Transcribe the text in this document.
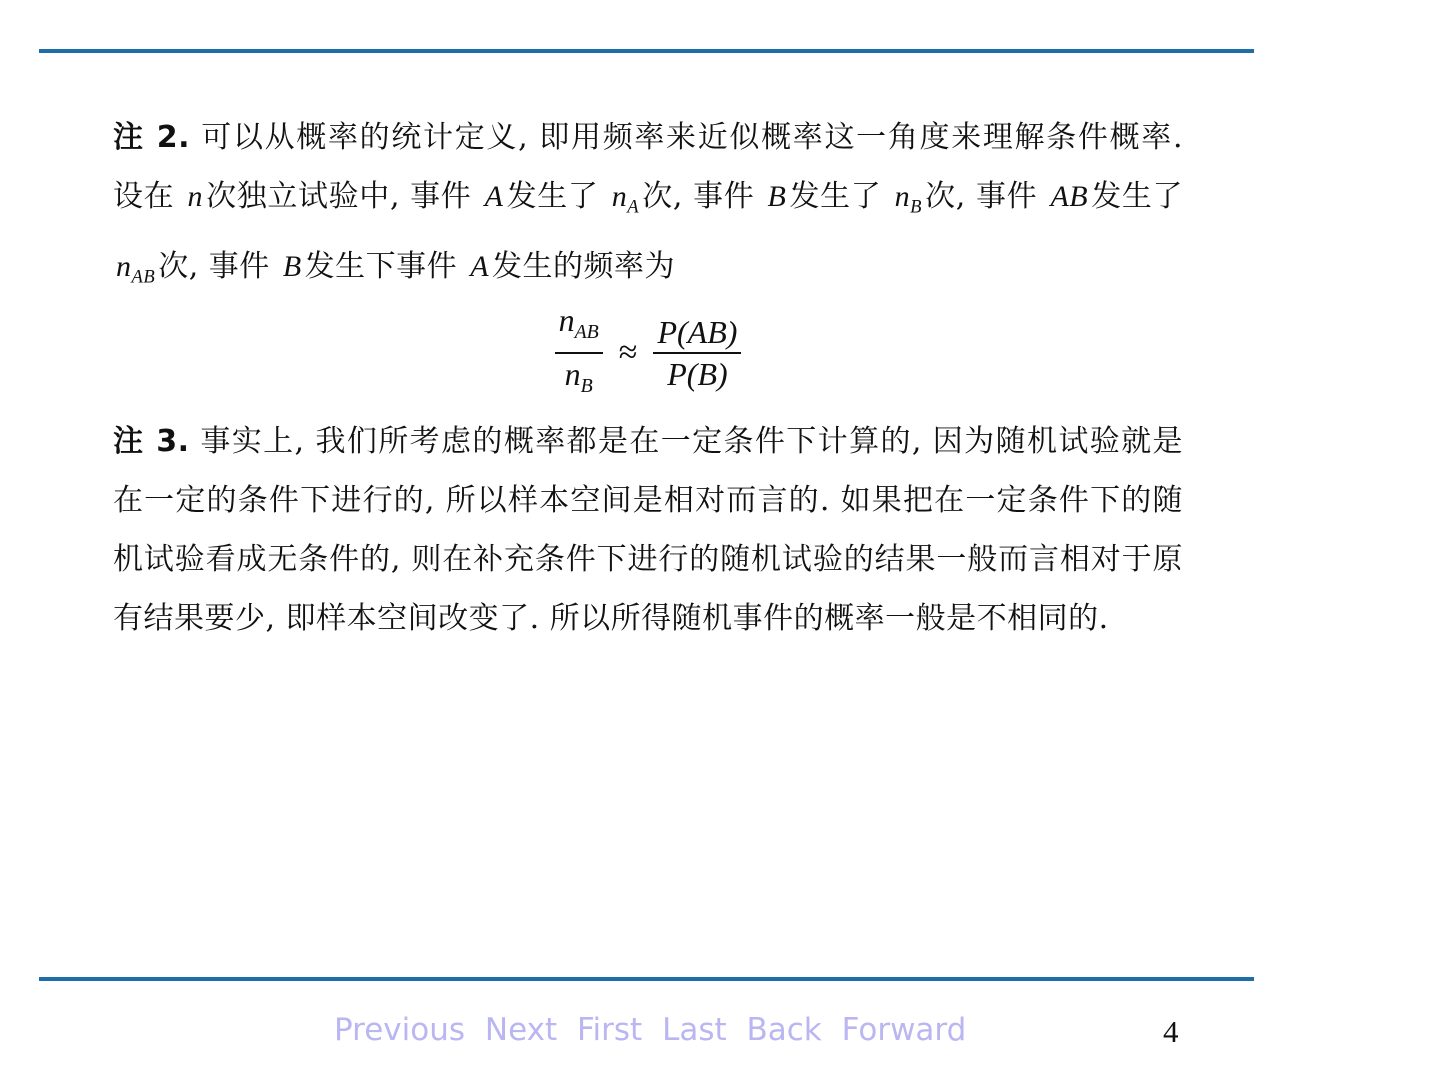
注 2. 可以从概率的统计定义, 即用频率来近似概率这一角度来理解条件概率. 设在 n 次独立试验中, 事件 A 发生了 $n_A$ 次, 事件 B 发生了 $n_B$ 次, 事件 AB 发生了 $n_{AB}$ 次, 事件 B 发生下事件 A 发生的频率为

$\frac{n_{AB}}{n_B} \approx \frac{P(AB)}{P(B)}$

注 3. 事实上, 我们所考虑的概率都是在一定条件下计算的, 因为随机试验就是在一定的条件下进行的, 所以样本空间是相对而言的. 如果把在一定条件下的随机试验看成无条件的, 则在补充条件下进行的随机试验的结果一般而言相对于原有结果要少, 即样本空间改变了. 所以所得随机事件的概率一般是不相同的.

Previous Next First Last Back Forward	4
